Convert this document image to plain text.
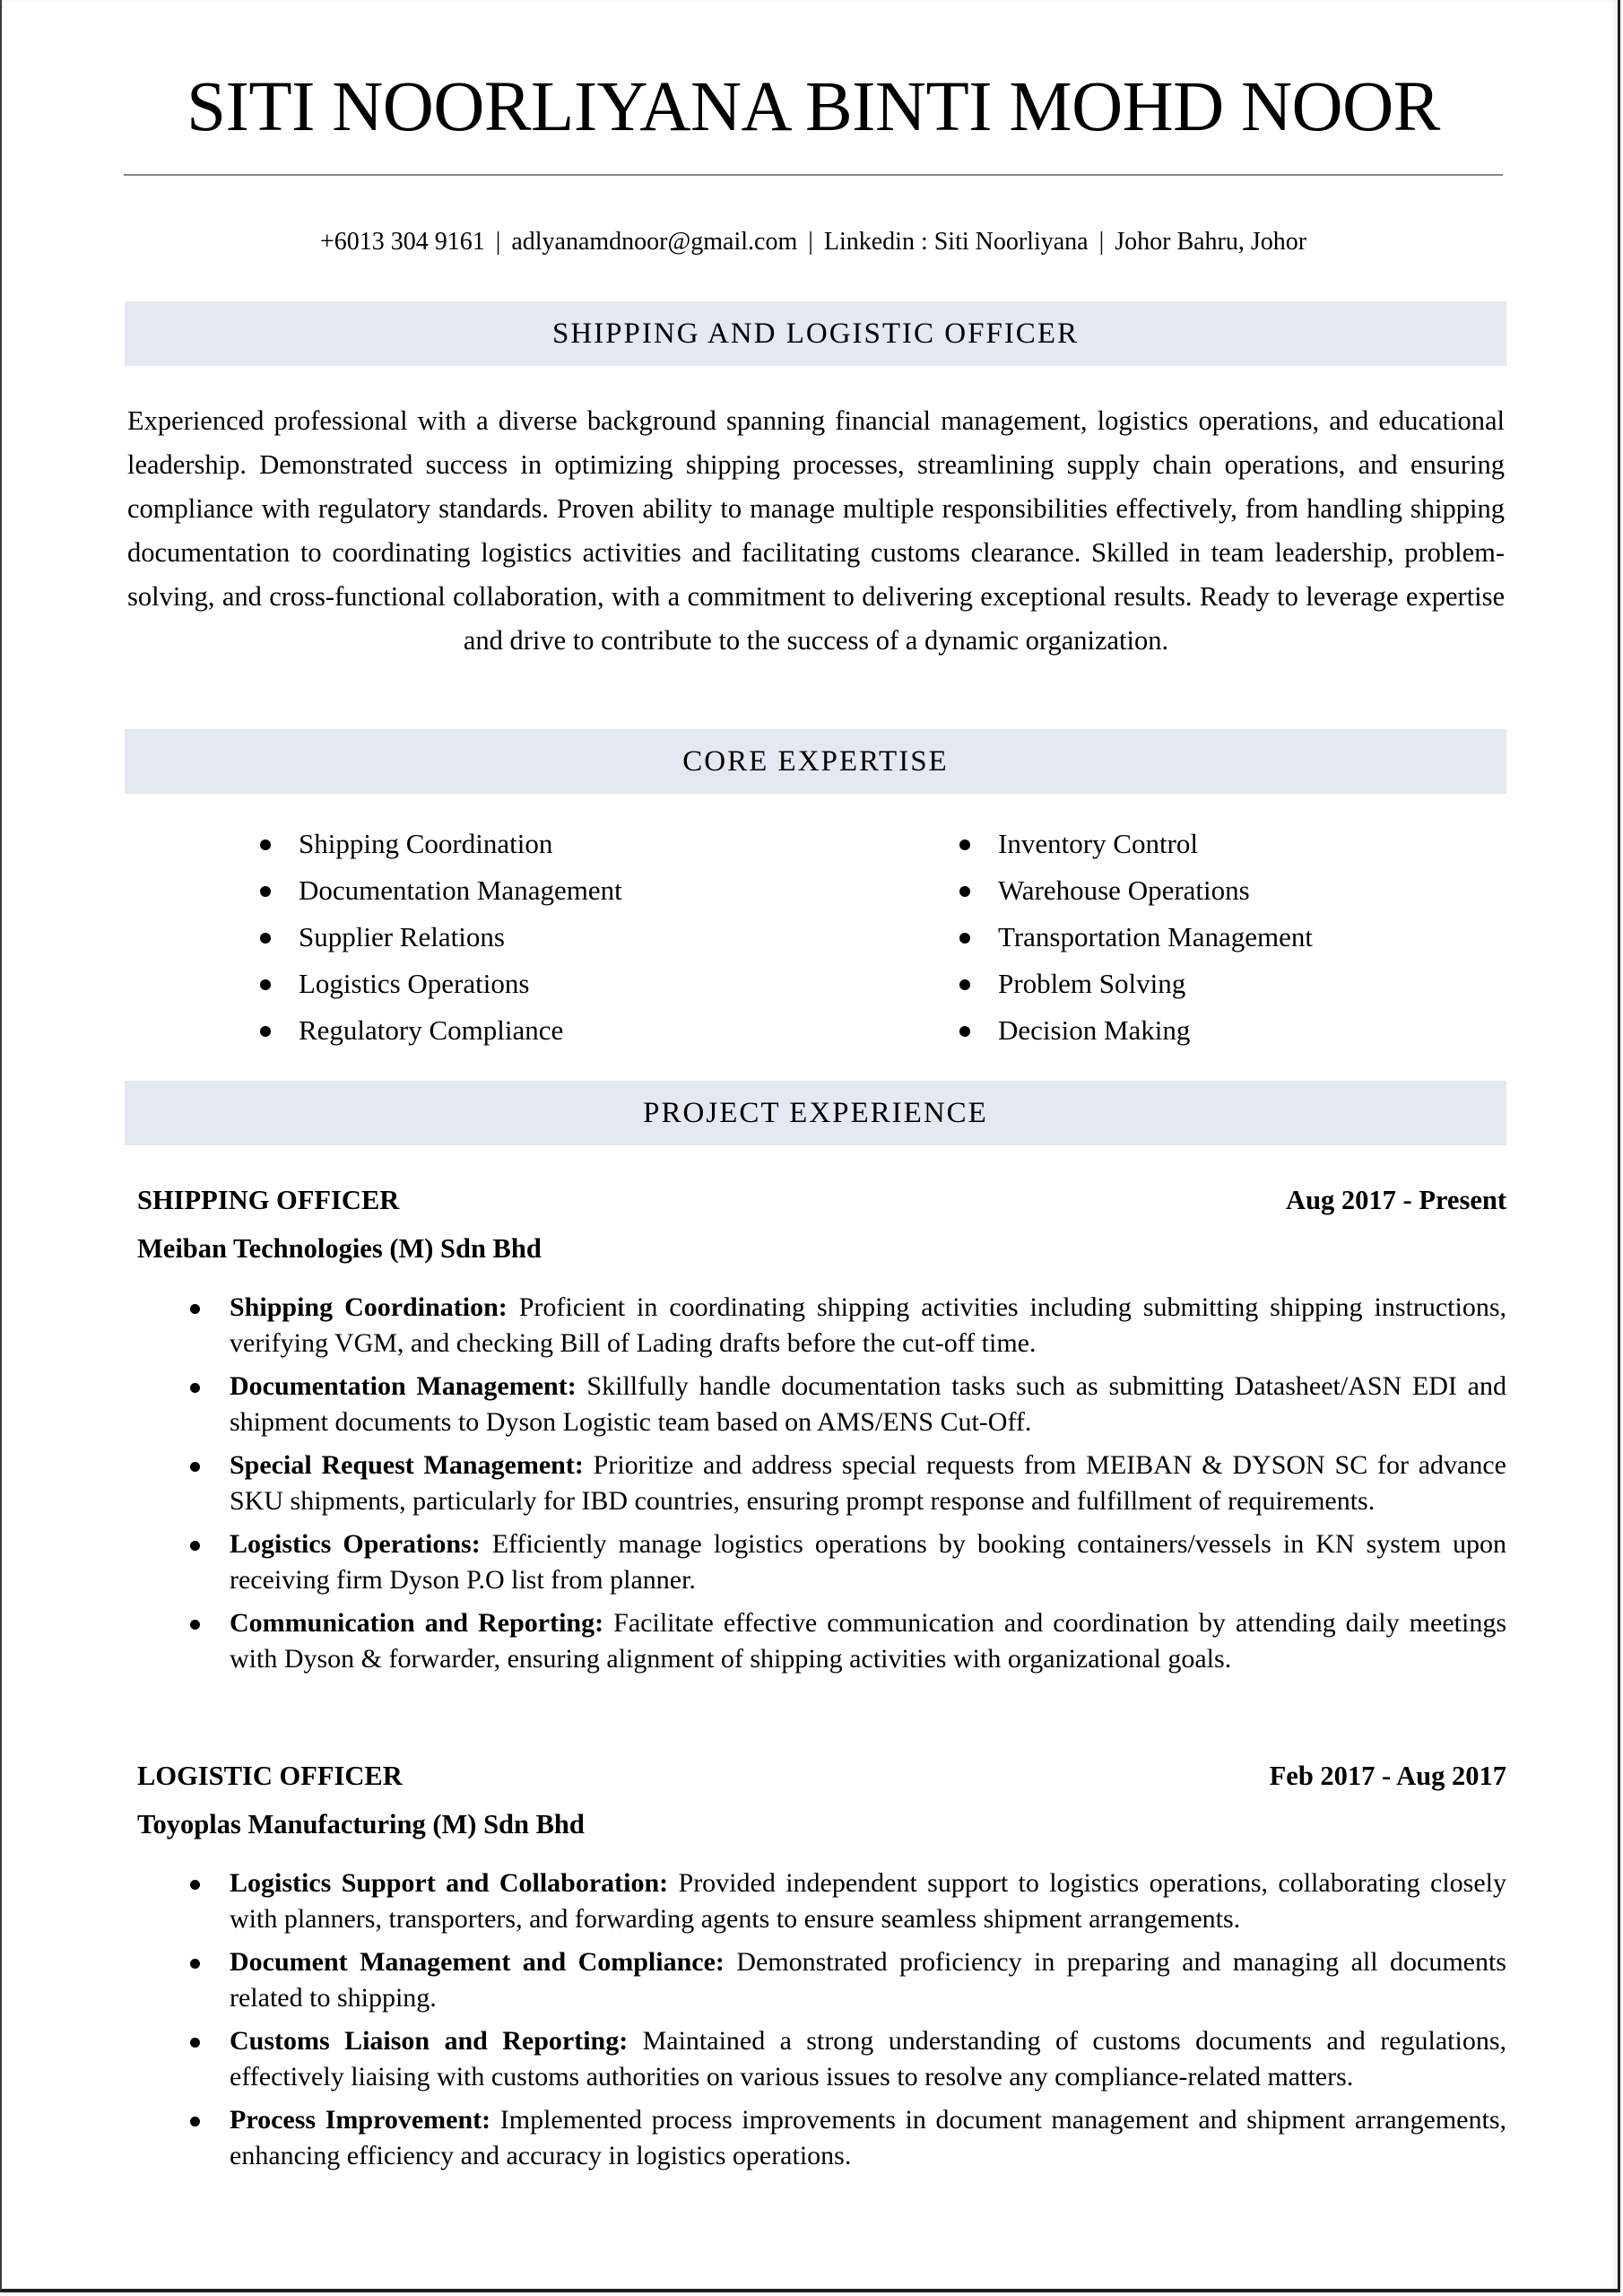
SITI NOORLIYANA BINTI MOHD NOOR
+6013 304 9161 | adlyanamdnoor@gmail.com | Linkedin : Siti Noorliyana | Johor Bahru, Johor
SHIPPING AND LOGISTIC OFFICER

Experienced professional with a diverse background spanning financial management, logistics operations, and educational leadership. Demonstrated success in optimizing shipping processes, streamlining supply chain operations, and ensuring compliance with regulatory standards. Proven ability to manage multiple responsibilities effectively, from handling shipping documentation to coordinating logistics activities and facilitating customs clearance. Skilled in team leadership, problem-solving, and cross-functional collaboration, with a commitment to delivering exceptional results. Ready to leverage expertise and drive to contribute to the success of a dynamic organization.

CORE EXPERTISE
Shipping Coordination
Documentation Management
Supplier Relations
Logistics Operations
Regulatory Compliance
Inventory Control
Warehouse Operations
Transportation Management
Problem Solving
Decision Making
PROJECT EXPERIENCE
SHIPPING OFFICER	Aug 2017 - Present
Meiban Technologies (M) Sdn Bhd
Shipping Coordination: Proficient in coordinating shipping activities including submitting shipping instructions, verifying VGM, and checking Bill of Lading drafts before the cut-off time.
Documentation Management: Skillfully handle documentation tasks such as submitting Datasheet/ASN EDI and shipment documents to Dyson Logistic team based on AMS/ENS Cut-Off.
Special Request Management: Prioritize and address special requests from MEIBAN & DYSON SC for advance SKU shipments, particularly for IBD countries, ensuring prompt response and fulfillment of requirements.
Logistics Operations: Efficiently manage logistics operations by booking containers/vessels in KN system upon receiving firm Dyson P.O list from planner.
Communication and Reporting: Facilitate effective communication and coordination by attending daily meetings with Dyson & forwarder, ensuring alignment of shipping activities with organizational goals.
LOGISTIC OFFICER	Feb 2017 - Aug 2017
Toyoplas Manufacturing (M) Sdn Bhd
Logistics Support and Collaboration: Provided independent support to logistics operations, collaborating closely with planners, transporters, and forwarding agents to ensure seamless shipment arrangements.
Document Management and Compliance: Demonstrated proficiency in preparing and managing all documents related to shipping.
Customs Liaison and Reporting: Maintained a strong understanding of customs documents and regulations, effectively liaising with customs authorities on various issues to resolve any compliance-related matters.
Process Improvement: Implemented process improvements in document management and shipment arrangements, enhancing efficiency and accuracy in logistics operations.
